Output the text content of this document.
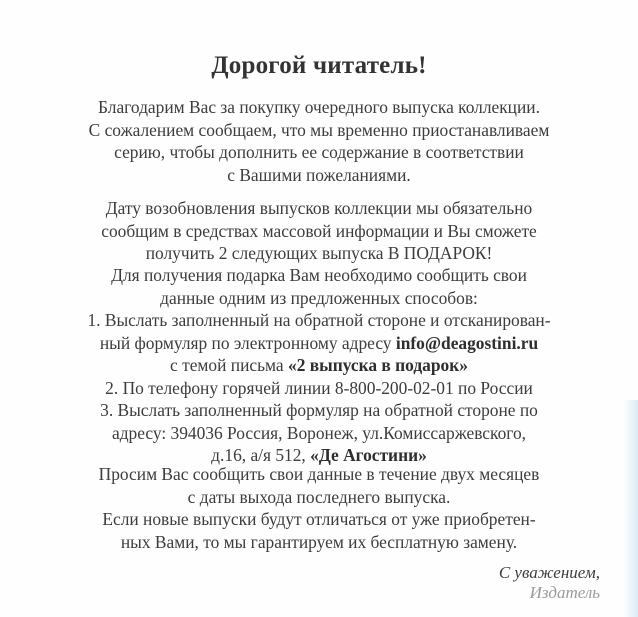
Дорогой читатель!
Благодарим Вас за покупку очередного выпуска коллекции.
С сожалением сообщаем, что мы временно приостанавливаем
серию, чтобы дополнить ее содержание в соответствии
с Вашими пожеланиями.
Дату возобновления выпусков коллекции мы обязательно
сообщим в средствах массовой информации и Вы сможете
получить 2 следующих выпуска В ПОДАРОК!
Для получения подарка Вам необходимо сообщить свои
данные одним из предложенных способов:
1. Выслать заполненный на обратной стороне и отсканирован-
ный формуляр по электронному адресу info@deagostini.ru
с темой письма «2 выпуска в подарок»
2. По телефону горячей линии 8-800-200-02-01 по России
3. Выслать заполненный формуляр на обратной стороне по
адресу: 394036 Россия, Воронеж, ул.Комиссаржевского,
д.16, а/я 512, «Де Агостини»
Просим Вас сообщить свои данные в течение двух месяцев
с даты выхода последнего выпуска.
Если новые выпуски будут отличаться от уже приобретен-
ных Вами, то мы гарантируем их бесплатную замену.
С уважением,
Издатель
